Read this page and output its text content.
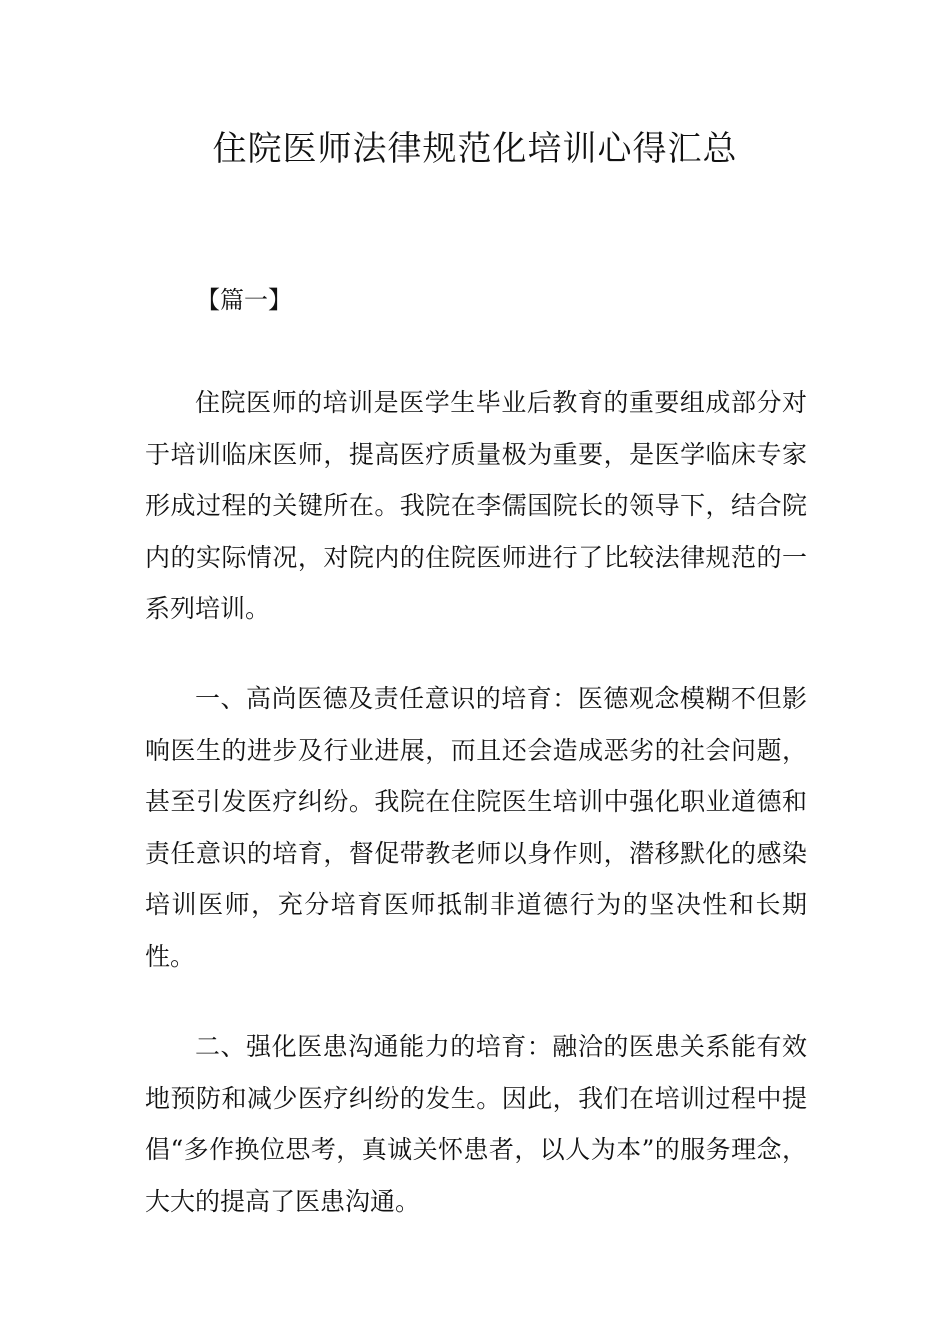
住院医师法律规范化培训心得汇总
【篇一】

住院医师的培训是医学生毕业后教育的重要组成部分对于培训临床医师，提高医疗质量极为重要，是医学临床专家形成过程的关键所在。我院在李儒国院长的领导下，结合院内的实际情况，对院内的住院医师进行了比较法律规范的一系列培训。

一、高尚医德及责任意识的培育：医德观念模糊不但影响医生的进步及行业进展，而且还会造成恶劣的社会问题，甚至引发医疗纠纷。我院在住院医生培训中强化职业道德和责任意识的培育，督促带教老师以身作则，潜移默化的感染培训医师，充分培育医师抵制非道德行为的坚决性和长期性。

二、强化医患沟通能力的培育：融洽的医患关系能有效地预防和减少医疗纠纷的发生。因此，我们在培训过程中提倡“多作换位思考，真诚关怀患者，以人为本”的服务理念，大大的提高了医患沟通。
